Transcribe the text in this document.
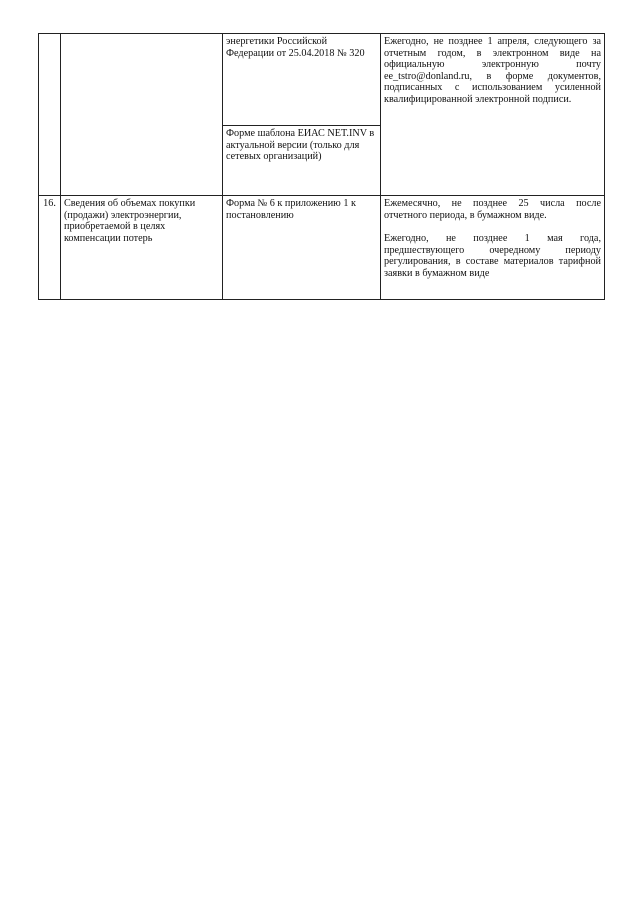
		энергетики Российской Федерации от 25.04.2018 № 320	Ежегодно, не позднее 1 апреля, следующего за отчетным годом, в электронном виде на официальную электронную почту ee_tstro@donland.ru, в форме документов, подписанных с использованием усиленной квалифицированной электронной подписи.

		Форме шаблона ЕИАС NET.INV в актуальной версии (только для сетевых организаций)	

16.	Сведения об объемах покупки (продажи) электроэнергии, приобретаемой в целях компенсации потерь	Форма № 6 к приложению 1 к постановлению	Ежемесячно, не позднее 25 числа после отчетного периода, в бумажном виде.

Ежегодно, не позднее 1 мая года, предшествующего очередному периоду регулирования, в составе материалов тарифной заявки в бумажном виде
